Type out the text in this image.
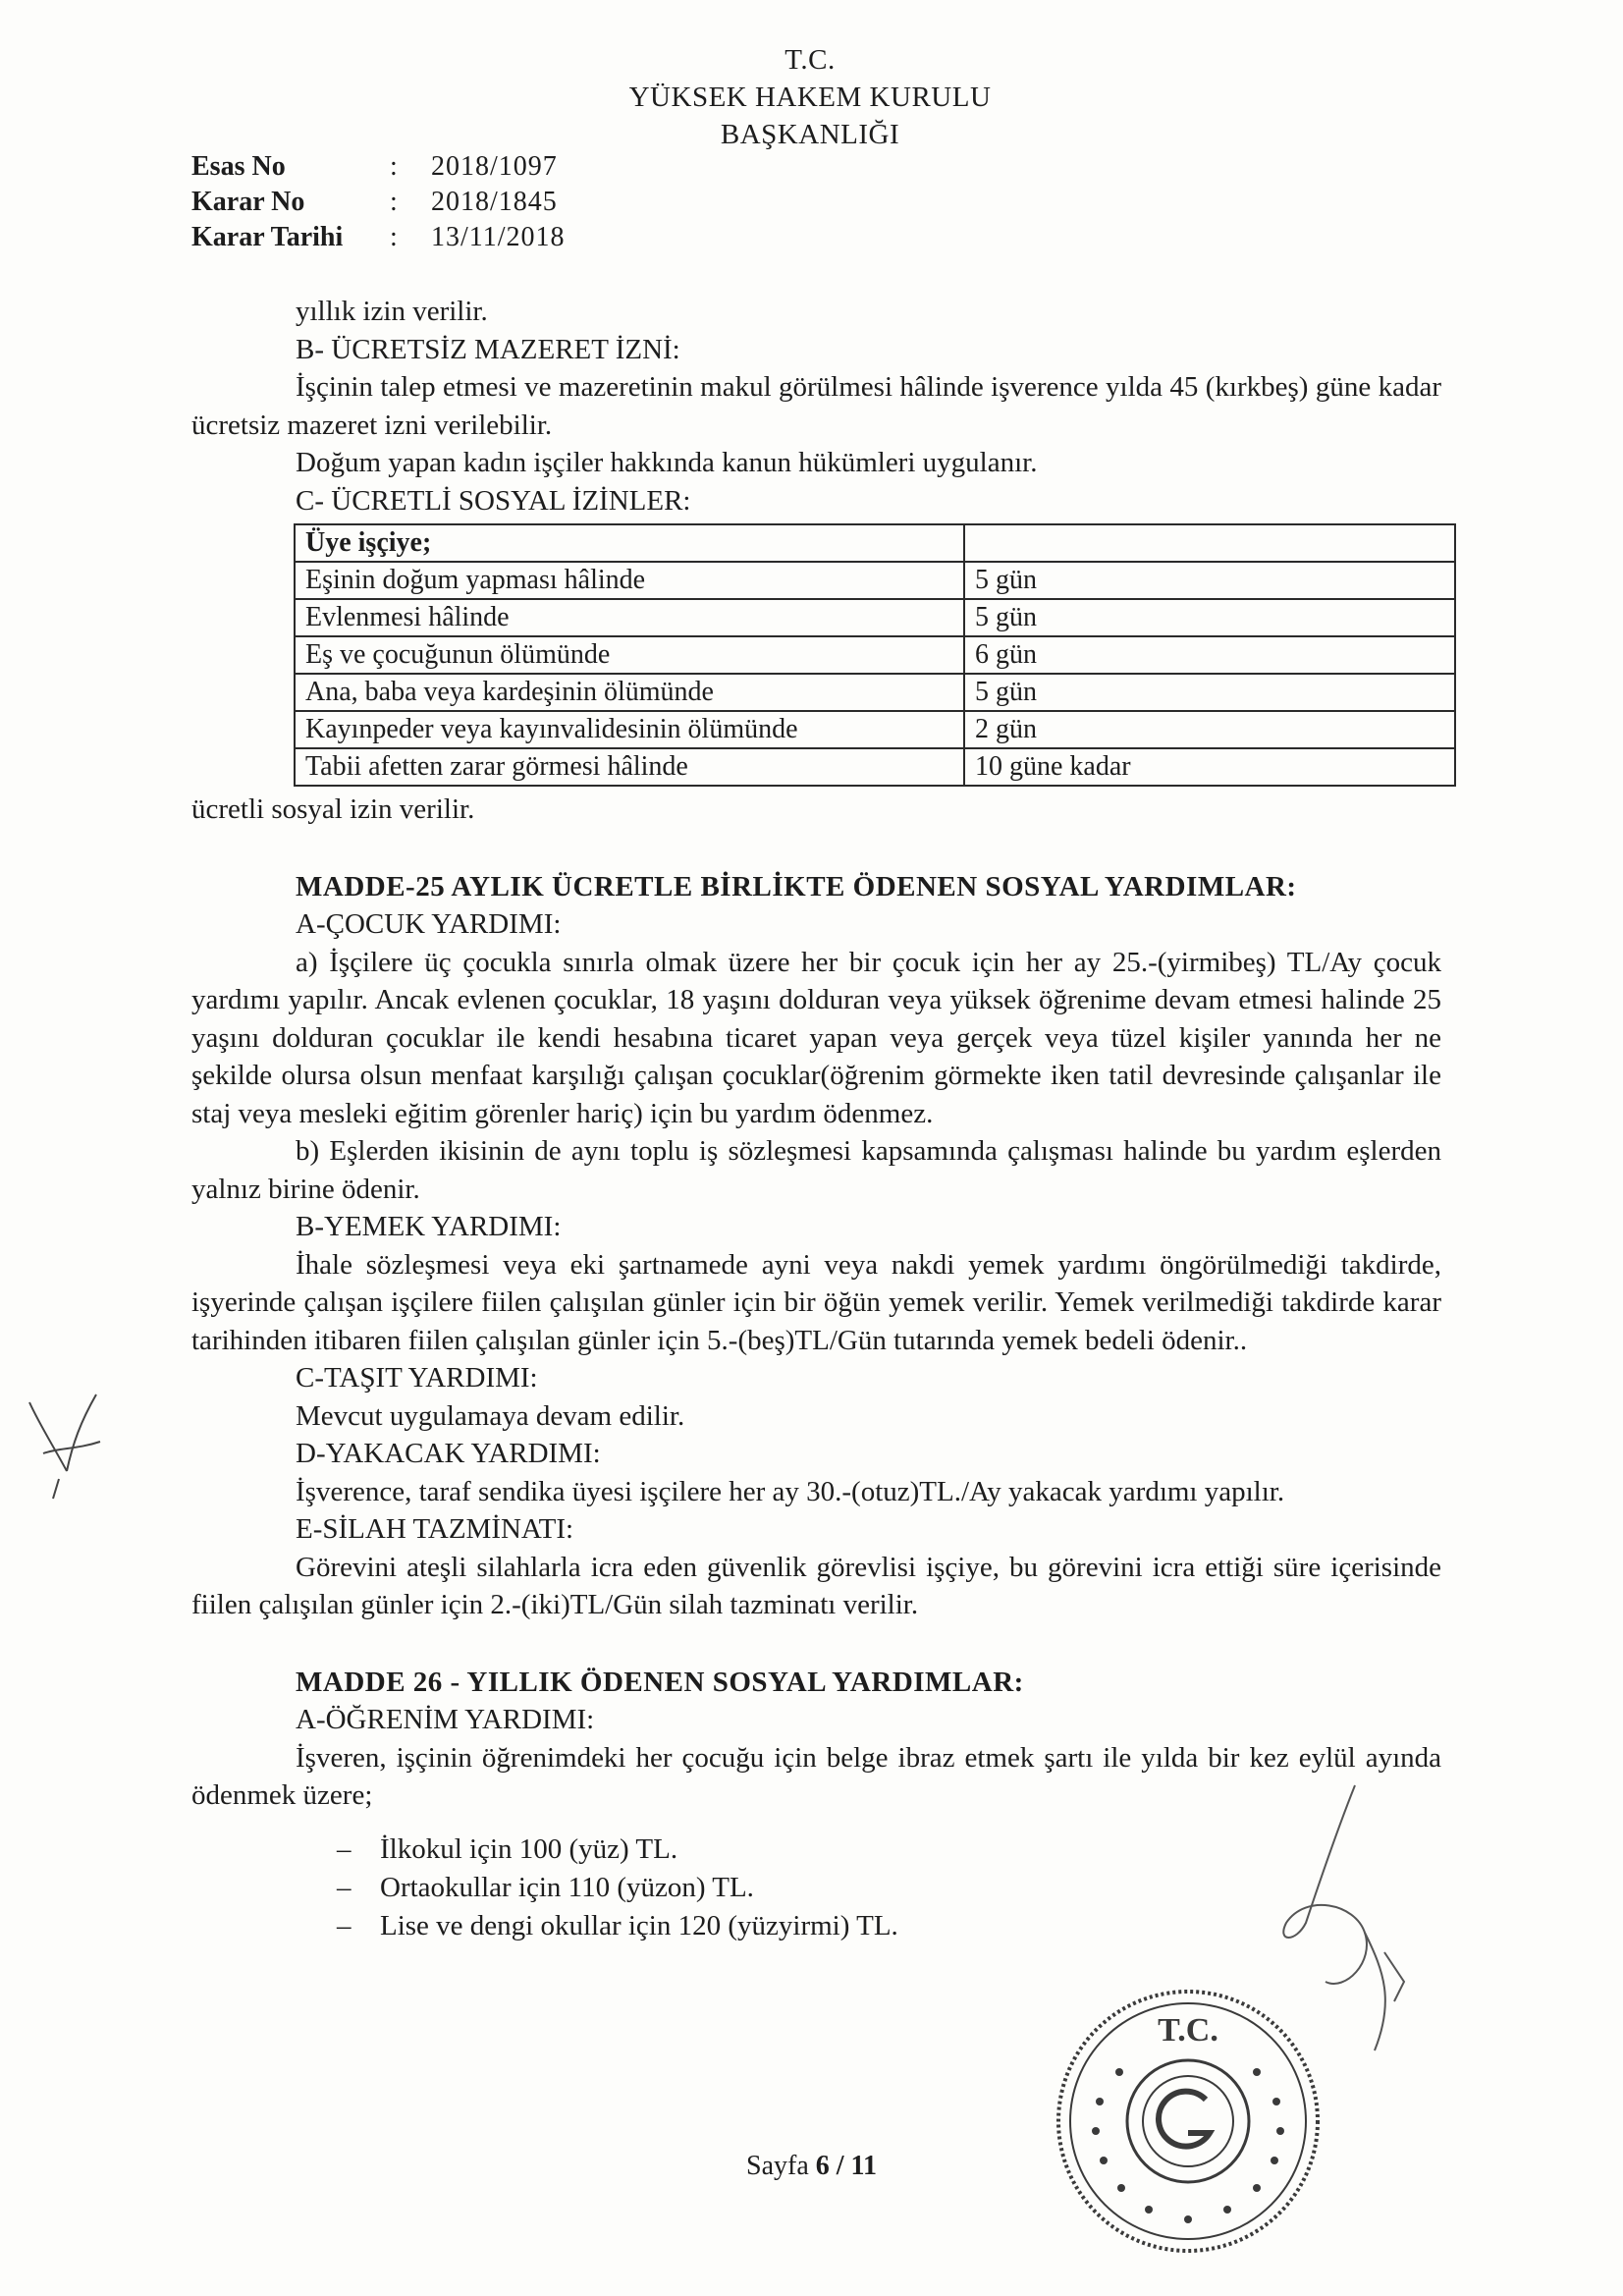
T.C.
YÜKSEK HAKEM KURULU
BAŞKANLIĞI
Esas No	:	2018/1097
Karar No	:	2018/1845
Karar Tarihi	:	13/11/2018

yıllık izin verilir.

B- ÜCRETSİZ MAZERET İZNİ:

İşçinin talep etmesi ve mazeretinin makul görülmesi hâlinde işverence yılda 45 (kırkbeş) güne kadar ücretsiz mazeret izni verilebilir.

Doğum yapan kadın işçiler hakkında kanun hükümleri uygulanır.

C- ÜCRETLİ SOSYAL İZİNLER:

Üye işçiye;	
Eşinin doğum yapması hâlinde	5 gün
Evlenmesi hâlinde	5 gün
Eş ve çocuğunun ölümünde	6 gün
Ana, baba veya kardeşinin ölümünde	5 gün
Kayınpeder veya kayınvalidesinin ölümünde	2 gün
Tabii afetten zarar görmesi hâlinde	10 güne kadar

ücretli sosyal izin verilir.

MADDE-25 AYLIK ÜCRETLE BİRLİKTE ÖDENEN SOSYAL YARDIMLAR:

A-ÇOCUK YARDIMI:

a) İşçilere üç çocukla sınırla olmak üzere her bir çocuk için her ay 25.-(yirmibeş) TL/Ay çocuk yardımı yapılır. Ancak evlenen çocuklar, 18 yaşını dolduran veya yüksek öğrenime devam etmesi halinde 25 yaşını dolduran çocuklar ile kendi hesabına ticaret yapan veya gerçek veya tüzel kişiler yanında her ne şekilde olursa olsun menfaat karşılığı çalışan çocuklar(öğrenim görmekte iken tatil devresinde çalışanlar ile staj veya mesleki eğitim görenler hariç) için bu yardım ödenmez.

b) Eşlerden ikisinin de aynı toplu iş sözleşmesi kapsamında çalışması halinde bu yardım eşlerden yalnız birine ödenir.

B-YEMEK YARDIMI:

İhale sözleşmesi veya eki şartnamede ayni veya nakdi yemek yardımı öngörülmediği takdirde, işyerinde çalışan işçilere fiilen çalışılan günler için bir öğün yemek verilir. Yemek verilmediği takdirde karar tarihinden itibaren fiilen çalışılan günler için 5.-(beş)TL/Gün tutarında yemek bedeli ödenir..

C-TAŞIT YARDIMI:

Mevcut uygulamaya devam edilir.

D-YAKACAK YARDIMI:

İşverence, taraf sendika üyesi işçilere her ay 30.-(otuz)TL./Ay yakacak yardımı yapılır.

E-SİLAH TAZMİNATI:

Görevini ateşli silahlarla icra eden güvenlik görevlisi işçiye, bu görevini icra ettiği süre içerisinde fiilen çalışılan günler için 2.-(iki)TL/Gün silah tazminatı verilir.

MADDE 26 - YILLIK ÖDENEN SOSYAL YARDIMLAR:

A-ÖĞRENİM YARDIMI:

İşveren, işçinin öğrenimdeki her çocuğu için belge ibraz etmek şartı ile yılda bir kez eylül ayında ödenmek üzere;

– İlkokul için 100 (yüz) TL.
– Ortaokullar için 110 (yüzon) TL.
– Lise ve dengi okullar için 120 (yüzyirmi) TL.
Sayfa 6 / 11
T.C.
